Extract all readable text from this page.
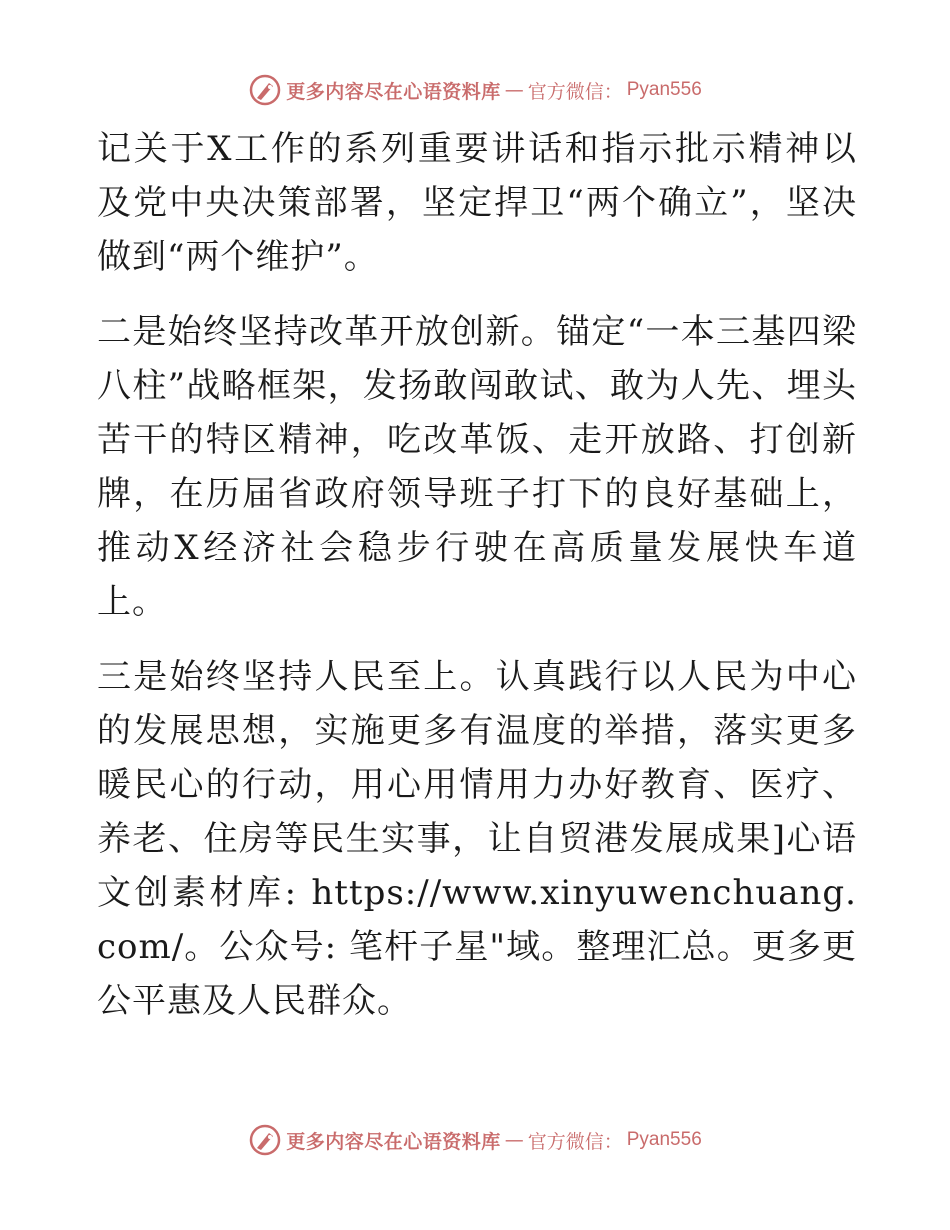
更多内容尽在心语资料库 — 官方微信： Pyan556

记关于X工作的系列重要讲话和指示批示精神以及党中央决策部署，坚定捍卫“两个确立”，坚决做到“两个维护”。

二是始终坚持改革开放创新。锚定“一本三基四梁八柱”战略框架，发扬敢闯敢试、敢为人先、埋头苦干的特区精神，吃改革饭、走开放路、打创新牌，在历届省政府领导班子打下的良好基础上，推动X经济社会稳步行驶在高质量发展快车道上。

三是始终坚持人民至上。认真践行以人民为中心的发展思想，实施更多有温度的举措，落实更多暖民心的行动，用心用情用力办好教育、医疗、养老、住房等民生实事，让自贸港发展成果]心语文创素材库: https://www.xinyuwenchuang.com/。公众号: 笔杆子星"域。整理汇总。更多更公平惠及人民群众。

更多内容尽在心语资料库 — 官方微信： Pyan556
